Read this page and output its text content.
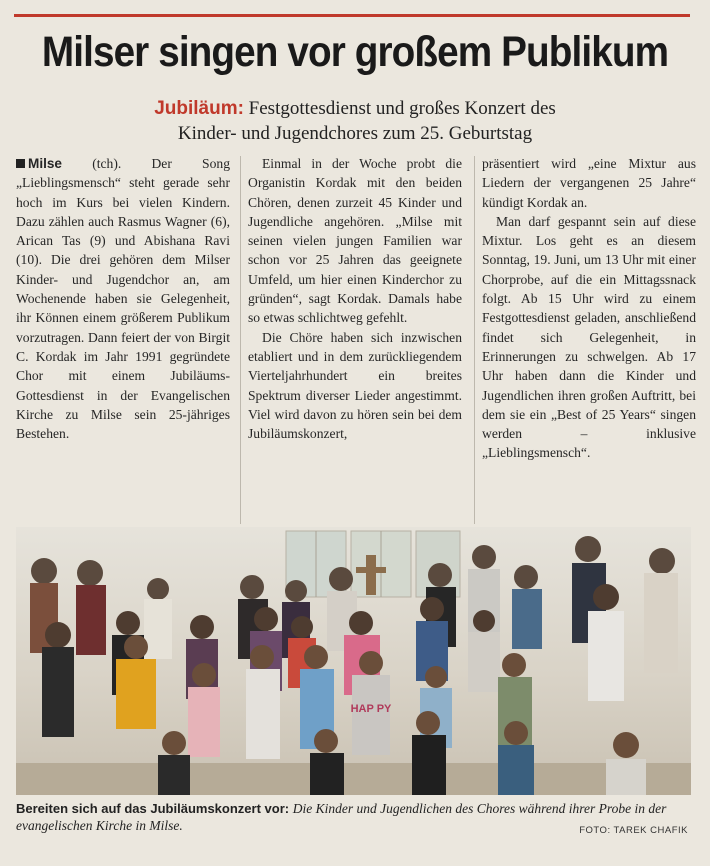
Milser singen vor großem Publikum
Jubiläum: Festgottesdienst und großes Konzert des
Kinder- und Jugendchores zum 25. Geburtstag

Milse (tch). Der Song „Lieblingsmensch“ steht gerade sehr hoch im Kurs bei vielen Kindern. Dazu zählen auch Rasmus Wagner (6), Arican Tas (9) und Abishana Ravi (10). Die drei gehören dem Milser Kinder- und Jugendchor an, am Wochenende haben sie Gelegenheit, ihr Können einem größerem Publikum vorzutragen. Dann feiert der von Birgit C. Kordak im Jahr 1991 gegründete Chor mit einem Jubiläums-Gottesdienst in der Evangelischen Kirche zu Milse sein 25-jähriges Bestehen.

Einmal in der Woche probt die Organistin Kordak mit den beiden Chören, denen zurzeit 45 Kinder und Jugendliche angehören. „Milse mit seinen vielen jungen Familien war schon vor 25 Jahren das geeignete Umfeld, um hier einen Kinderchor zu gründen“, sagt Kordak. Damals habe so etwas schlichtweg gefehlt.

Die Chöre haben sich inzwischen etabliert und in dem zurückliegendem Vierteljahrhundert ein breites Spektrum diverser Lieder angestimmt. Viel wird davon zu hören sein bei dem Jubiläumskonzert,

präsentiert wird „eine Mixtur aus Liedern der vergangenen 25 Jahre“ kündigt Kordak an.

Man darf gespannt sein auf diese Mixtur. Los geht es an diesem Sonntag, 19. Juni, um 13 Uhr mit einer Chorprobe, auf die ein Mittagssnack folgt. Ab 15 Uhr wird zu einem Festgottesdienst geladen, anschließend findet sich Gelegenheit, in Erinnerungen zu schwelgen. Ab 17 Uhr haben dann die Kinder und Jugendlichen ihren großen Auftritt, bei dem sie ein „Best of 25 Years“ singen werden – inklusive „Lieblingsmensch“.

HAP PY
Bereiten sich auf das Jubiläumskonzert vor: Die Kinder und Jugendlichen des Chores während ihrer Probe in der evangelischen Kirche in Milse.	FOTO: TAREK CHAFIK
